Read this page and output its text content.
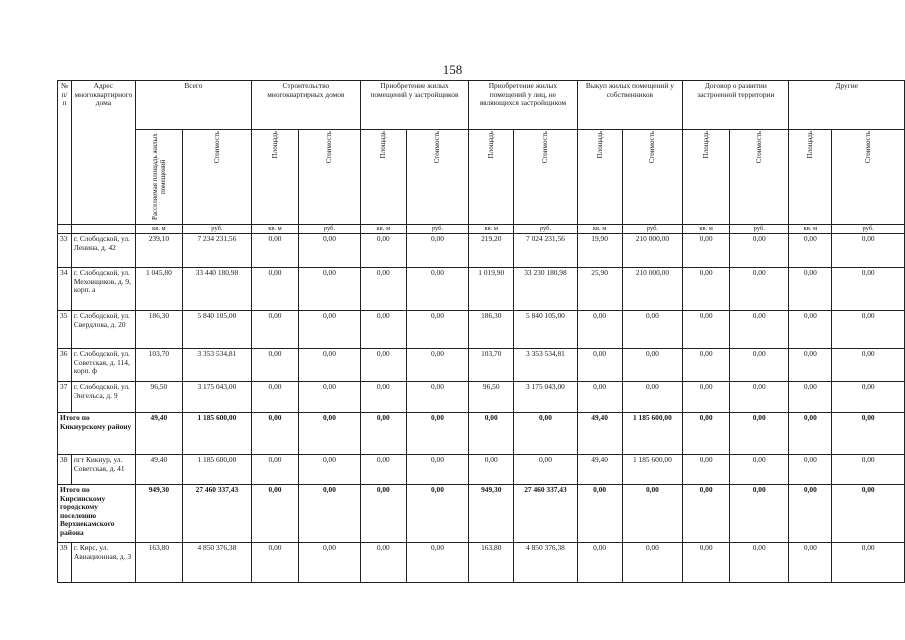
158
№ п/п	Адрес многоквартирного дома	Всего		Строительство многоквартирных домов		Приобретение жилых помещений у застройщиков		Приобретение жилых помещений у лиц, не являющихся застройщиком		Выкуп жилых помещений у собственников		Договор о развитии застроенной территории		Другие	

		Расселяемая площадь жилых помещений	Стоимость	Площадь	Стоимость	Площадь	Стоимость	Площадь	Стоимость	Площадь	Стоимость	Площадь	Стоимость	Площадь	Стоимость

		кв. м	руб.	кв. м	руб.	кв. м	руб.	кв. м	руб.	кв. м	руб.	кв. м	руб.	кв. м	руб.
33	г. Слободской, ул. Ленина, д. 42	239,10	7 234 231,56	0,00	0,00	0,00	0,00	219,20	7 024 231,56	19,90	210 000,00	0,00	0,00	0,00	0,00
34	г. Слободской, ул. Меховщиков, д. 9, корп. а	1 045,80	33 440 180,98	0,00	0,00	0,00	0,00	1 019,90	33 230 180,98	25,90	210 000,00	0,00	0,00	0,00	0,00
35	г. Слободской, ул. Свердлова, д. 20	186,30	5 840 105,00	0,00	0,00	0,00	0,00	186,30	5 840 105,00	0,00	0,00	0,00	0,00	0,00	0,00
36	г. Слободской, ул. Советская, д. 114, корп. ф	103,70	3 353 534,81	0,00	0,00	0,00	0,00	103,70	3 353 534,81	0,00	0,00	0,00	0,00	0,00	0,00
37	г. Слободской, ул. Энгельса, д. 9	96,50	3 175 043,00	0,00	0,00	0,00	0,00	96,50	3 175 043,00	0,00	0,00	0,00	0,00	0,00	0,00
Итого по Кикнурскому району		49,40	1 185 600,00	0,00	0,00	0,00	0,00	0,00	0,00	49,40	1 185 600,00	0,00	0,00	0,00	0,00
38	пгт Кикнур, ул. Советская, д. 41	49,40	1 185 600,00	0,00	0,00	0,00	0,00	0,00	0,00	49,40	1 185 600,00	0,00	0,00	0,00	0,00
Итого по Кирсинскому городскому поселению Верхнекамского района		949,30	27 460 337,43	0,00	0,00	0,00	0,00	949,30	27 460 337,43	0,00	0,00	0,00	0,00	0,00	0,00
39	г. Кирс, ул. Авиационная, д. 3	163,80	4 850 376,38	0,00	0,00	0,00	0,00	163,80	4 850 376,38	0,00	0,00	0,00	0,00	0,00	0,00
